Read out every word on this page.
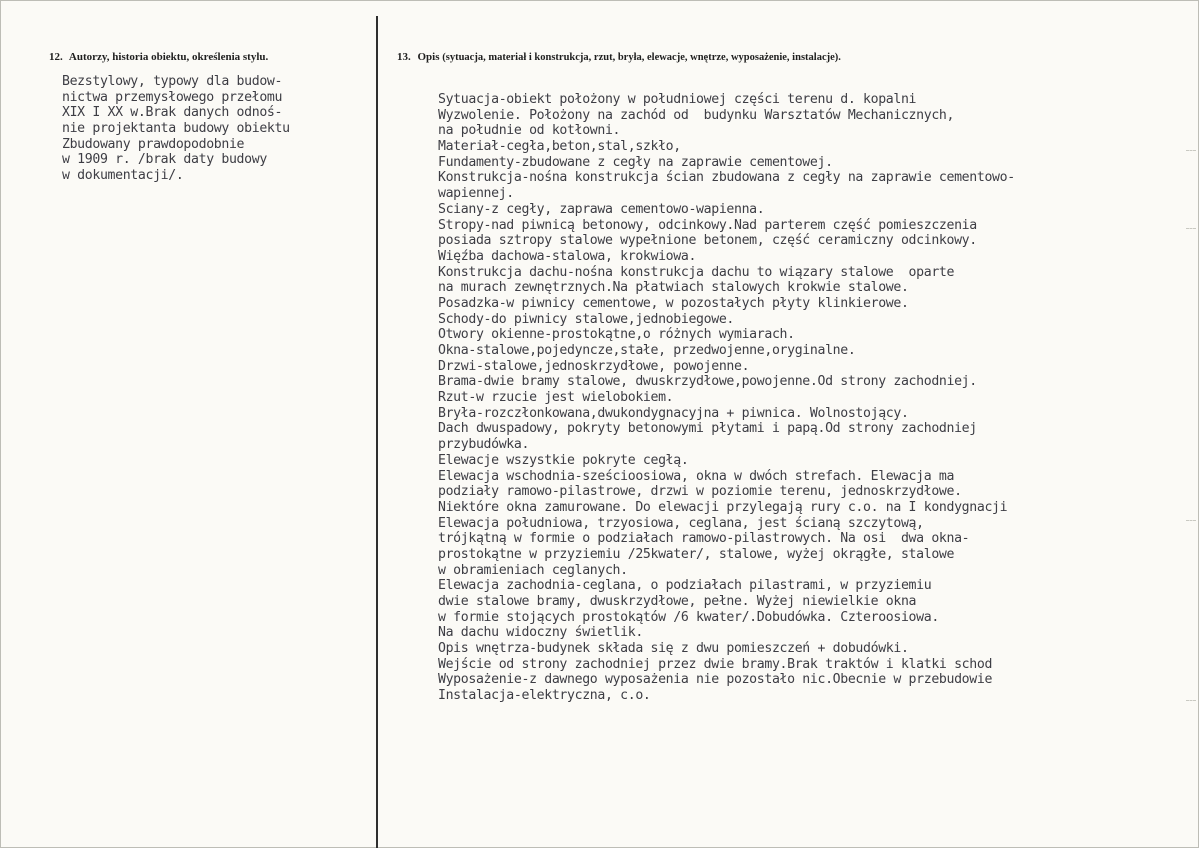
12. Autorzy, historia obiektu, określenia stylu.	13. Opis (sytuacja, materiał i konstrukcja, rzut, bryła, elewacje, wnętrze, wyposażenie, instalacje).
Bezstylowy, typowy dla budow-
nictwa przemysłowego przełomu
XIX I XX w.Brak danych odnoś-
nie projektanta budowy obiektu
Zbudowany prawdopodobnie
w 1909 r. /brak daty budowy
w dokumentacji/.
Sytuacja-obiekt położony w południowej części terenu d. kopalni
Wyzwolenie. Położony na zachód od  budynku Warsztatów Mechanicznych,
na południe od kotłowni.
Materiał-cegła,beton,stal,szkło,
Fundamenty-zbudowane z cegły na zaprawie cementowej.
Konstrukcja-nośna konstrukcja ścian zbudowana z cegły na zaprawie cementowo-
wapiennej.
Sciany-z cegły, zaprawa cementowo-wapienna.
Stropy-nad piwnicą betonowy, odcinkowy.Nad parterem część pomieszczenia
posiada sztropy stalowe wypełnione betonem, część ceramiczny odcinkowy.
Więźba dachowa-stalowa, krokwiowa.
Konstrukcja dachu-nośna konstrukcja dachu to wiązary stalowe  oparte
na murach zewnętrznych.Na płatwiach stalowych krokwie stalowe.
Posadzka-w piwnicy cementowe, w pozostałych płyty klinkierowe.
Schody-do piwnicy stalowe,jednobiegowe.
Otwory okienne-prostokątne,o różnych wymiarach.
Okna-stalowe,pojedyncze,stałe, przedwojenne,oryginalne.
Drzwi-stalowe,jednoskrzydłowe, powojenne.
Brama-dwie bramy stalowe, dwuskrzydłowe,powojenne.Od strony zachodniej.
Rzut-w rzucie jest wielobokiem.
Bryła-rozczłonkowana,dwukondygnacyjna + piwnica. Wolnostojący.
Dach dwuspadowy, pokryty betonowymi płytami i papą.Od strony zachodniej
przybudówka.
Elewacje wszystkie pokryte cegłą.
Elewacja wschodnia-sześcioosiowa, okna w dwóch strefach. Elewacja ma
podziały ramowo-pilastrowe, drzwi w poziomie terenu, jednoskrzydłowe.
Niektóre okna zamurowane. Do elewacji przylegają rury c.o. na I kondygnacji
Elewacja południowa, trzyosiowa, ceglana, jest ścianą szczytową,
trójkątną w formie o podziałach ramowo-pilastrowych. Na osi  dwa okna-
prostokątne w przyziemiu /25kwater/, stalowe, wyżej okrągłe, stalowe
w obramieniach ceglanych.
Elewacja zachodnia-ceglana, o podziałach pilastrami, w przyziemiu
dwie stalowe bramy, dwuskrzydłowe, pełne. Wyżej niewielkie okna
w formie stojących prostokątów /6 kwater/.Dobudówka. Czteroosiowa.
Na dachu widoczny świetlik.
Opis wnętrza-budynek składa się z dwu pomieszczeń + dobudówki.
Wejście od strony zachodniej przez dwie bramy.Brak traktów i klatki schod
Wyposażenie-z dawnego wyposażenia nie pozostało nic.Obecnie w przebudowie
Instalacja-elektryczna, c.o.
